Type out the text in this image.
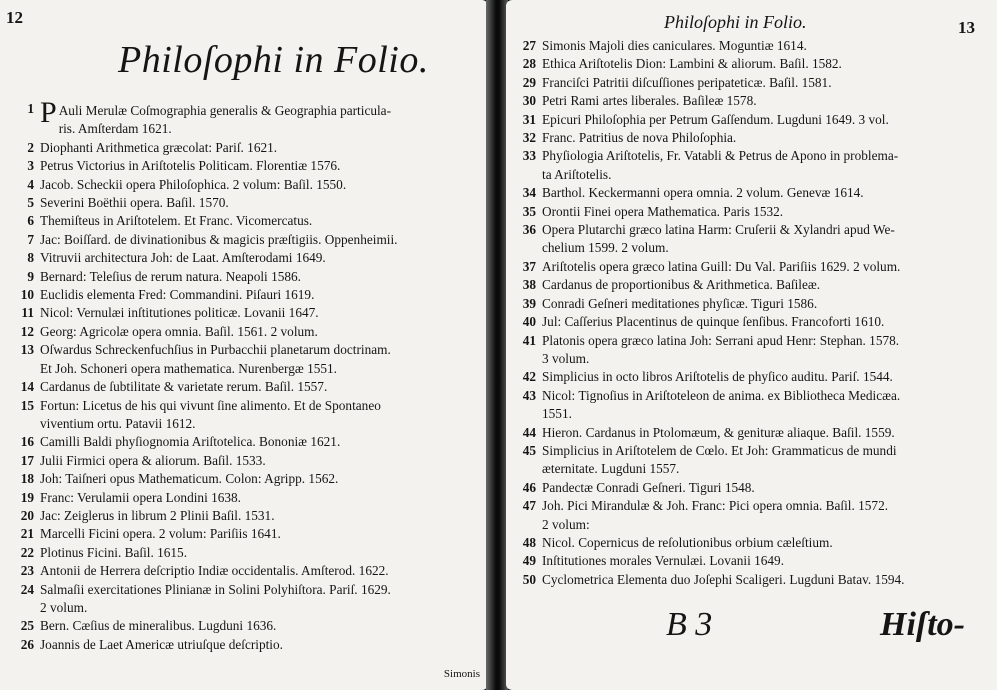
12
Philoſophi in Folio.
1 P Auli Merulæ Coſmographia generalis & Geographia particula-
ris. Amſterdam 1621.
2 Diophanti Arithmetica græcolat: Pariſ. 1621.
3 Petrus Victorius in Ariſtotelis Politicam. Florentiæ 1576.
4 Jacob. Scheckii opera Philoſophica. 2 volum: Baſil. 1550.
5 Severini Boëthii opera. Baſil. 1570.
6 Themiſteus in Ariſtotelem. Et Franc. Vicomercatus.
7 Jac: Boiſſard. de divinationibus & magicis præſtigiis. Oppenheimii.
8 Vitruvii architectura Joh: de Laat. Amſterodami 1649.
9 Bernard: Teleſius de rerum natura. Neapoli 1586.
10 Euclidis elementa Fred: Commandini. Piſauri 1619.
11 Nicol: Vernulæi inſtitutiones politicæ. Lovanii 1647.
12 Georg: Agricolæ opera omnia. Baſil. 1561. 2 volum.
13 Oſwardus Schreckenfuchſius in Purbacchii planetarum doctrinam.
Et Joh. Schoneri opera mathematica. Nurenbergæ 1551.
14 Cardanus de ſubtilitate & varietate rerum. Baſil. 1557.
15 Fortun: Licetus de his qui vivunt ſine alimento. Et de Spontaneo
viventium ortu. Patavii 1612.
16 Camilli Baldi phyſiognomia Ariſtotelica. Bononiæ 1621.
17 Julii Firmici opera & aliorum. Baſil. 1533.
18 Joh: Taiſneri opus Mathematicum. Colon: Agripp. 1562.
19 Franc: Verulamii opera Londini 1638.
20 Jac: Zeiglerus in librum 2 Plinii Baſil. 1531.
21 Marcelli Ficini opera. 2 volum: Pariſiis 1641.
22 Plotinus Ficini. Baſil. 1615.
23 Antonii de Herrera deſcriptio Indiæ occidentalis. Amſterod. 1622.
24 Salmaſii exercitationes Plinianæ in Solini Polyhiſtora. Pariſ. 1629.
2 volum.
25 Bern. Cæſius de mineralibus. Lugduni 1636.
26 Joannis de Laet Americæ utriuſque deſcriptio.
Simonis
Philoſophi in Folio.	13
27 Simonis Majoli dies caniculares. Moguntiæ 1614.
28 Ethica Ariſtotelis Dion: Lambini & aliorum. Baſil. 1582.
29 Franciſci Patritii diſcuſſiones peripateticæ. Baſil. 1581.
30 Petri Rami artes liberales. Baſileæ 1578.
31 Epicuri Philoſophia per Petrum Gaſſendum. Lugduni 1649. 3 vol.
32 Franc. Patritius de nova Philoſophia.
33 Phyſiologia Ariſtotelis, Fr. Vatabli & Petrus de Apono in problema-
ta Ariſtotelis.
34 Barthol. Keckermanni opera omnia. 2 volum. Genevæ 1614.
35 Orontii Finei opera Mathematica. Paris 1532.
36 Opera Plutarchi græco latina Harm: Cruſerii & Xylandri apud We-
chelium 1599. 2 volum.
37 Ariſtotelis opera græco latina Guill: Du Val. Pariſiis 1629. 2 volum.
38 Cardanus de proportionibus & Arithmetica. Baſileæ.
39 Conradi Geſneri meditationes phyſicæ. Tiguri 1586.
40 Jul: Caſſerius Placentinus de quinque ſenſibus. Francoforti 1610.
41 Platonis opera græco latina Joh: Serrani apud Henr: Stephan. 1578.
3 volum.
42 Simplicius in octo libros Ariſtotelis de phyſico auditu. Pariſ. 1544.
43 Nicol: Tignoſius in Ariſtoteleon de anima. ex Bibliotheca Medicæa.
1551.
44 Hieron. Cardanus in Ptolomæum, & genituræ aliaque. Baſil. 1559.
45 Simplicius in Ariſtotelem de Cœlo. Et Joh: Grammaticus de mundi
æternitate. Lugduni 1557.
46 Pandectæ Conradi Geſneri. Tiguri 1548.
47 Joh. Pici Mirandulæ & Joh. Franc: Pici opera omnia. Baſil. 1572.
2 volum:
48 Nicol. Copernicus de reſolutionibus orbium cæleſtium.
49 Inſtitutiones morales Vernulæi. Lovanii 1649.
50 Cyclometrica Elementa duo Joſephi Scaligeri. Lugduni Batav. 1594.
B 3	Hiſto-
